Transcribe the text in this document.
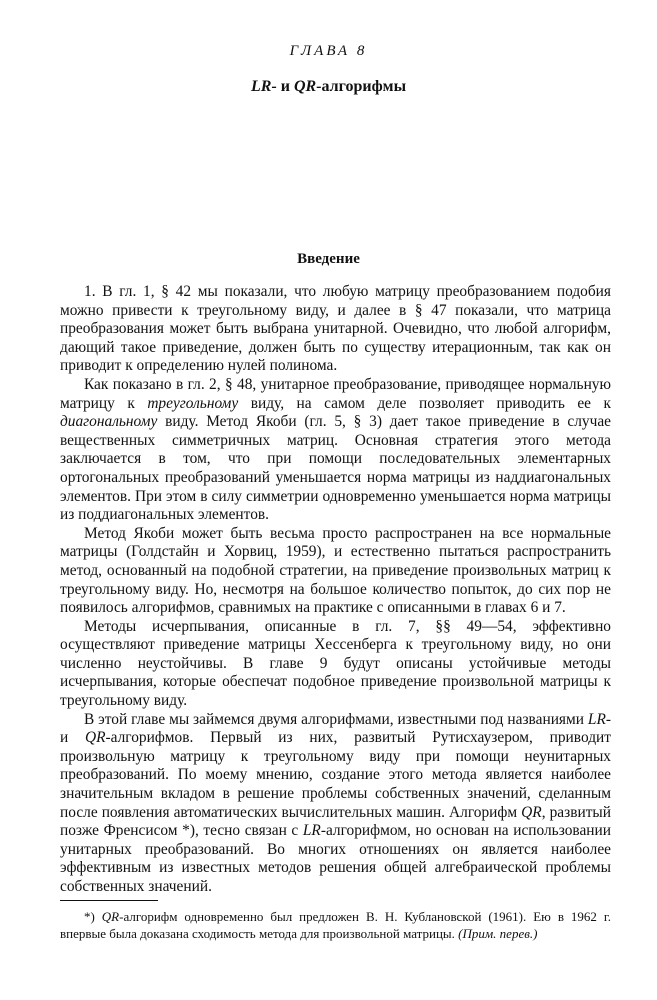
ГЛАВА 8
LR- и QR-алгорифмы
Введение

1. В гл. 1, § 42 мы показали, что любую матрицу преобразованием подобия можно привести к треугольному виду, и далее в § 47 показали, что матрица преобразования может быть выбрана унитарной. Очевидно, что любой алгорифм, дающий такое приведение, должен быть по существу итерационным, так как он приводит к определению нулей полинома.

Как показано в гл. 2, § 48, унитарное преобразование, приводящее нормальную матрицу к треугольному виду, на самом деле позволяет приводить ее к диагональному виду. Метод Якоби (гл. 5, § 3) дает такое приведение в случае вещественных симметричных матриц. Основная стратегия этого метода заключается в том, что при помощи последовательных элементарных ортогональных преобразований уменьшается норма матрицы из наддиагональных элементов. При этом в силу симметрии одновременно уменьшается норма матрицы из поддиагональных элементов.

Метод Якоби может быть весьма просто распространен на все нормальные матрицы (Голдстайн и Хорвиц, 1959), и естественно пытаться распространить метод, основанный на подобной стратегии, на приведение произвольных матриц к треугольному виду. Но, несмотря на большое количество попыток, до сих пор не появилось алгорифмов, сравнимых на практике с описанными в главах 6 и 7.

Методы исчерпывания, описанные в гл. 7, §§ 49—54, эффективно осуществляют приведение матрицы Хессенберга к треугольному виду, но они численно неустойчивы. В главе 9 будут описаны устойчивые методы исчерпывания, которые обеспечат подобное приведение произвольной матрицы к треугольному виду.

В этой главе мы займемся двумя алгорифмами, известными под названиями LR- и QR-алгорифмов. Первый из них, развитый Рутисхаузером, приводит произвольную матрицу к треугольному виду при помощи неунитарных преобразований. По моему мнению, создание этого метода является наиболее значительным вкладом в решение проблемы собственных значений, сделанным после появления автоматических вычислительных машин. Алгорифм QR, развитый позже Френсисом *), тесно связан с LR-алгорифмом, но основан на использовании унитарных преобразований. Во многих отношениях он является наиболее эффективным из известных методов решения общей алгебраической проблемы собственных значений.

*) QR-алгорифм одновременно был предложен В. Н. Кублановской (1961). Ею в 1962 г. впервые была доказана сходимость метода для произвольной матрицы. (Прим. перев.)
